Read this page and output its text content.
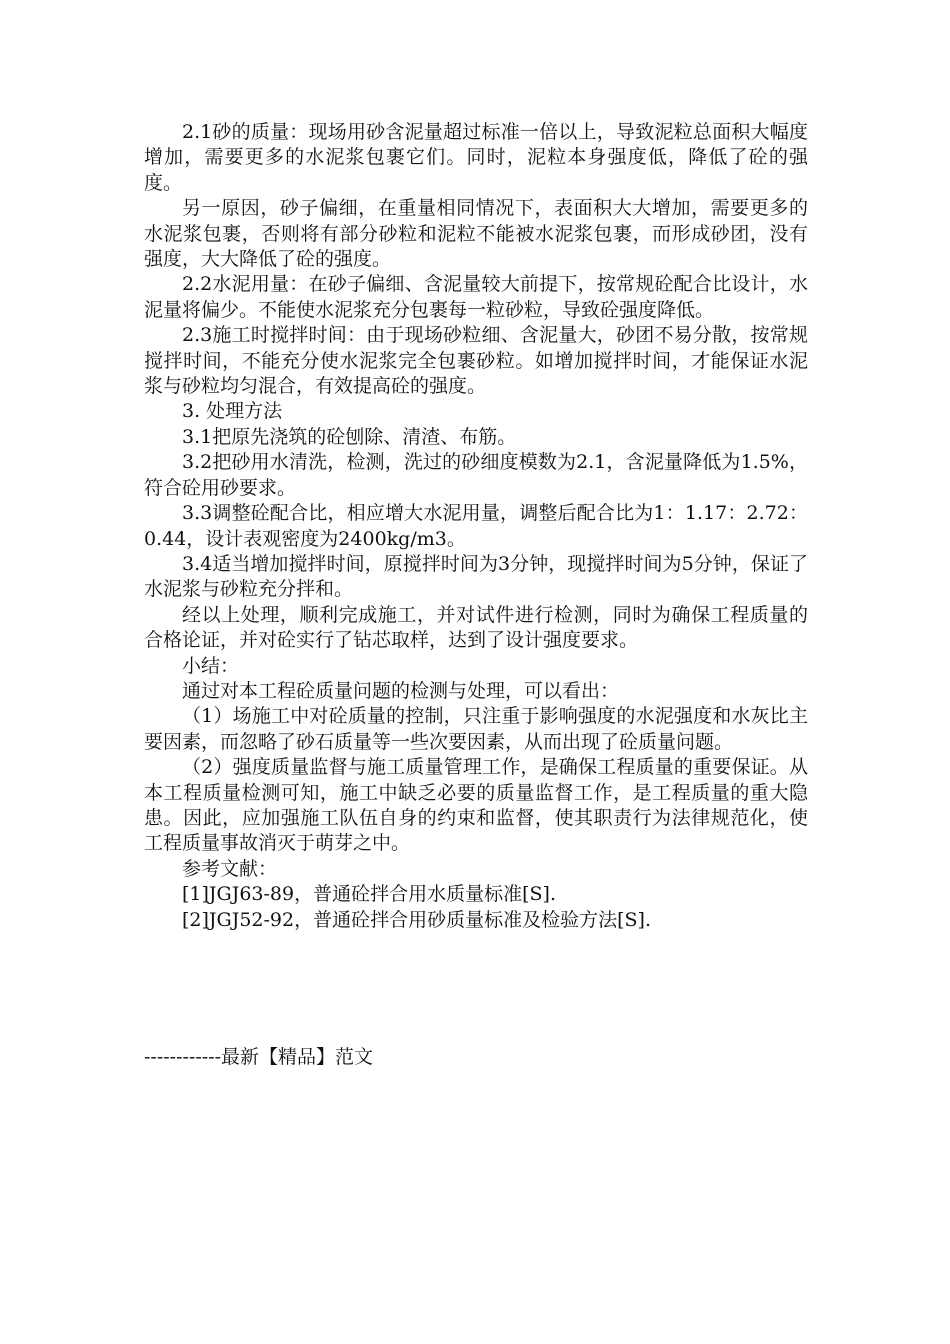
2.1砂的质量：现场用砂含泥量超过标准一倍以上，导致泥粒总面积大幅度增加，需要更多的水泥浆包裹它们。同时，泥粒本身强度低，降低了砼的强度。

另一原因，砂子偏细，在重量相同情况下，表面积大大增加，需要更多的水泥浆包裹，否则将有部分砂粒和泥粒不能被水泥浆包裹，而形成砂团，没有强度，大大降低了砼的强度。

2.2水泥用量：在砂子偏细、含泥量较大前提下，按常规砼配合比设计，水泥量将偏少。不能使水泥浆充分包裹每一粒砂粒，导致砼强度降低。

2.3施工时搅拌时间：由于现场砂粒细、含泥量大，砂团不易分散，按常规搅拌时间，不能充分使水泥浆完全包裹砂粒。如增加搅拌时间，才能保证水泥浆与砂粒均匀混合，有效提高砼的强度。

3. 处理方法

3.1把原先浇筑的砼刨除、清渣、布筋。

3.2把砂用水清洗，检测，洗过的砂细度模数为2.1，含泥量降低为1.5%，符合砼用砂要求。

3.3调整砼配合比，相应增大水泥用量，调整后配合比为1：1.17：2.72：0.44，设计表观密度为2400kg/m3。

3.4适当增加搅拌时间，原搅拌时间为3分钟，现搅拌时间为5分钟，保证了水泥浆与砂粒充分拌和。

经以上处理，顺利完成施工，并对试件进行检测，同时为确保工程质量的合格论证，并对砼实行了钻芯取样，达到了设计强度要求。

小结：

通过对本工程砼质量问题的检测与处理，可以看出：

（1）场施工中对砼质量的控制，只注重于影响强度的水泥强度和水灰比主要因素，而忽略了砂石质量等一些次要因素，从而出现了砼质量问题。

（2）强度质量监督与施工质量管理工作，是确保工程质量的重要保证。从本工程质量检测可知，施工中缺乏必要的质量监督工作，是工程质量的重大隐患。因此，应加强施工队伍自身的约束和监督，使其职责行为法律规范化，使工程质量事故消灭于萌芽之中。

参考文献：

[1]JGJ63-89，普通砼拌合用水质量标准[S].

[2]JGJ52-92，普通砼拌合用砂质量标准及检验方法[S].

------------最新【精品】范文
